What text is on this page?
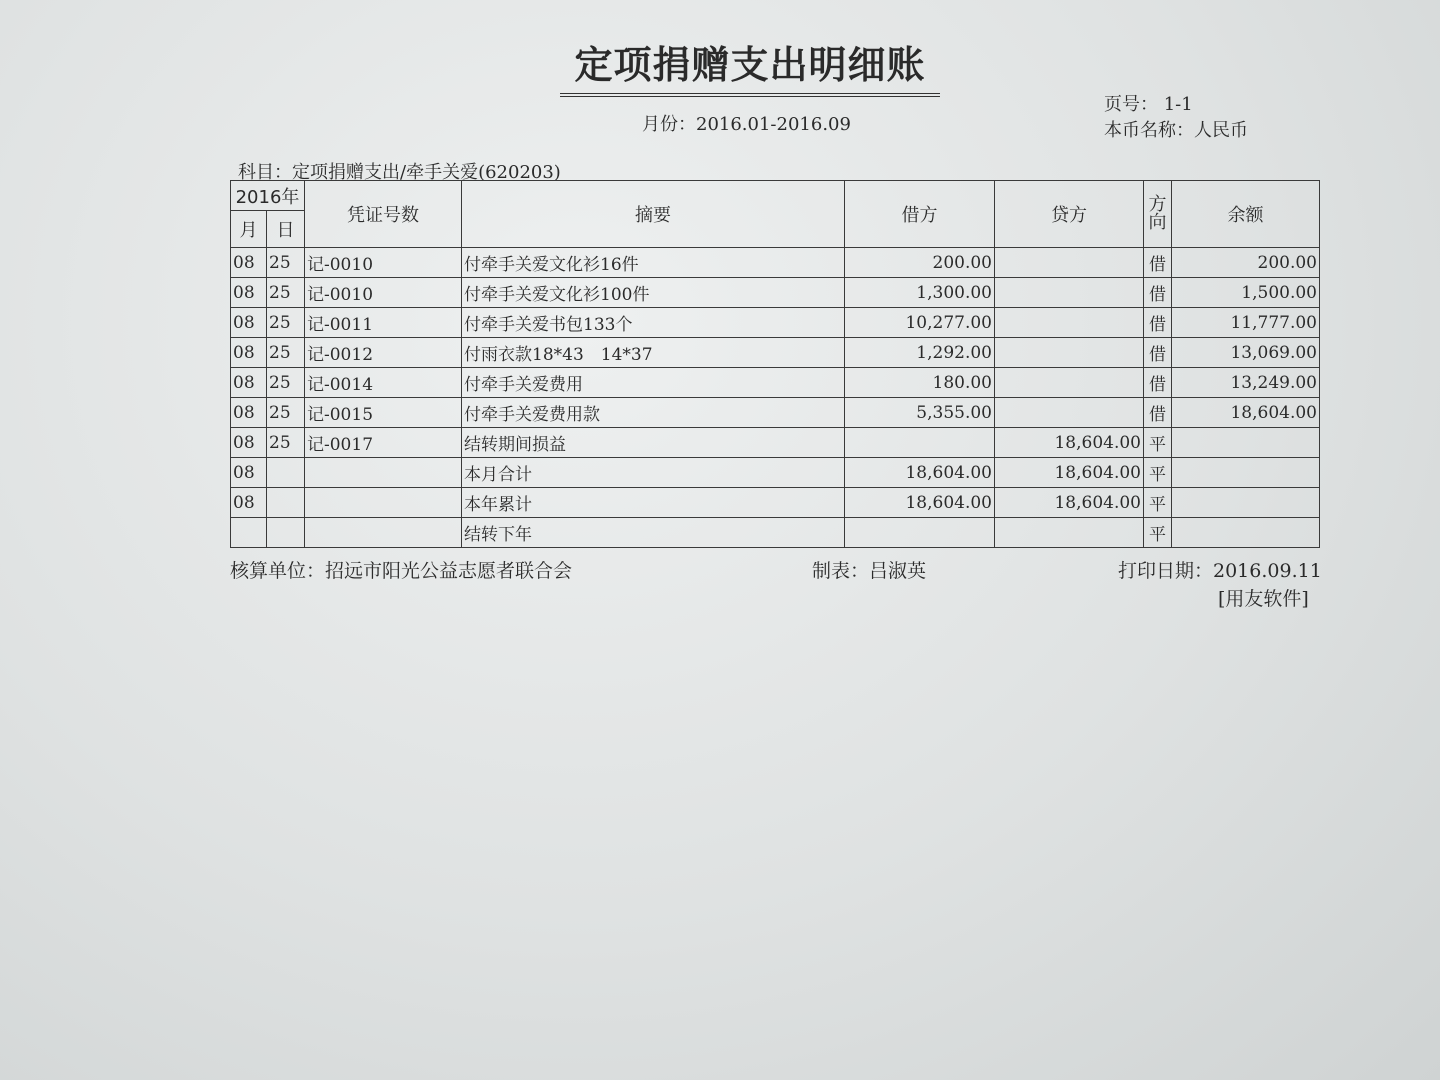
定项捐赠支出明细账
月份：2016.01-2016.09
页号： 1-1
本币名称：人民币
科目：定项捐赠支出/牵手关爱(620203)
2016年		凭证号数	摘要	借方	贷方	方向	余额
月	日						
08	25	记-0010	付牵手关爱文化衫16件	200.00		借	200.00
08	25	记-0010	付牵手关爱文化衫100件	1,300.00		借	1,500.00
08	25	记-0011	付牵手关爱书包133个	10,277.00		借	11,777.00
08	25	记-0012	付雨衣款18*43　14*37	1,292.00		借	13,069.00
08	25	记-0014	付牵手关爱费用	180.00		借	13,249.00
08	25	记-0015	付牵手关爱费用款	5,355.00		借	18,604.00
08	25	记-0017	结转期间损益		18,604.00	平	
08			本月合计	18,604.00	18,604.00	平	
08			本年累计	18,604.00	18,604.00	平	
			结转下年			平	
核算单位：招远市阳光公益志愿者联合会	制表：吕淑英	打印日期：2016.09.11
[用友软件]
